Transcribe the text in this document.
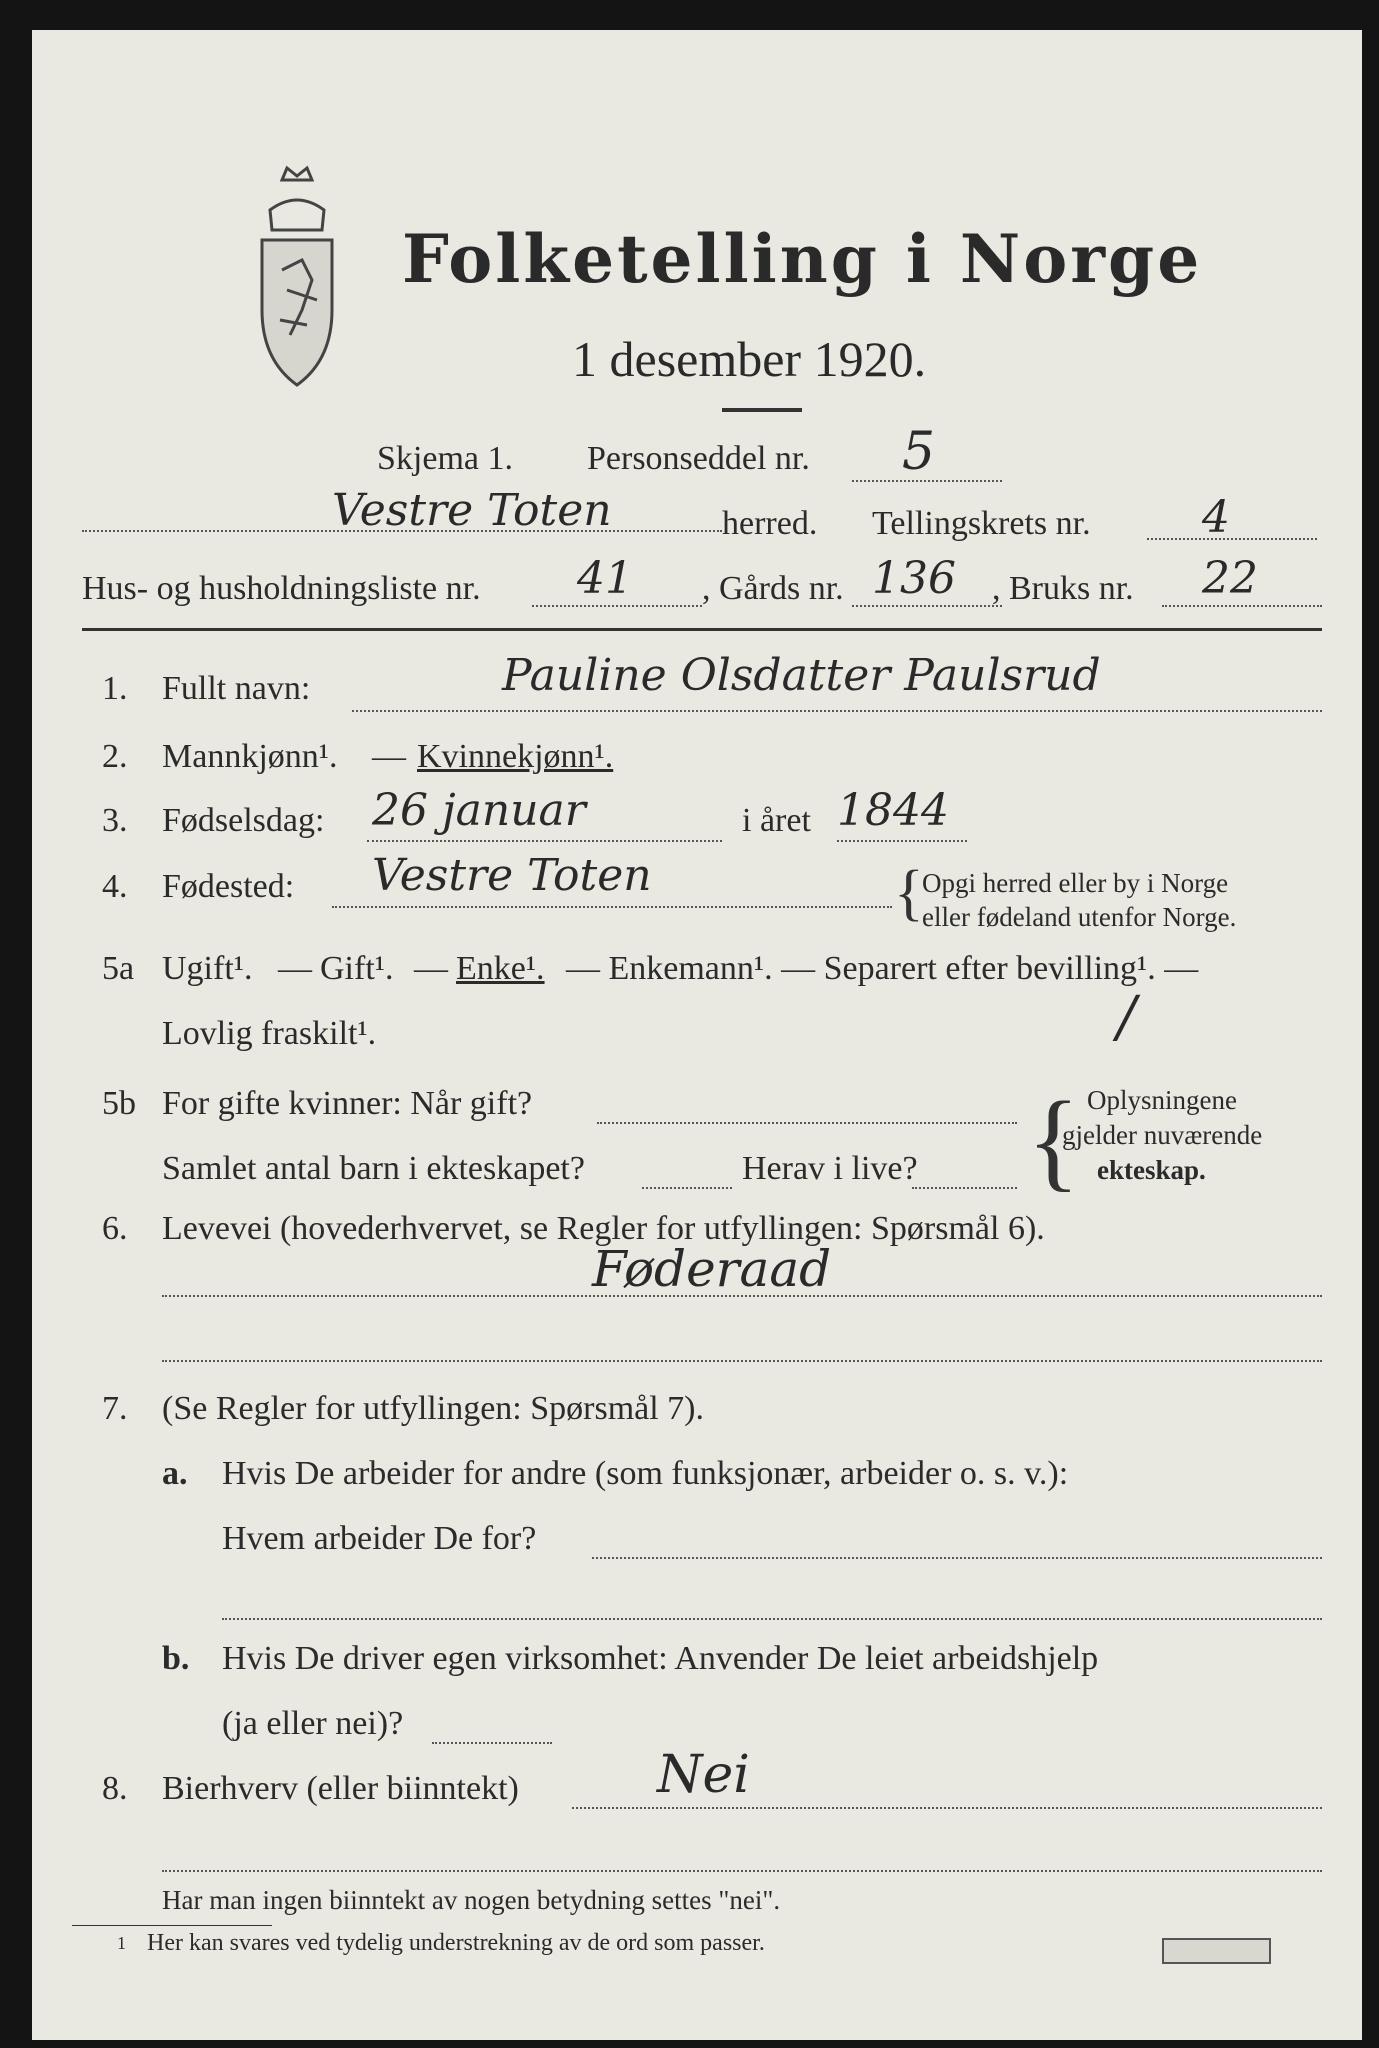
Folketelling i Norge
1 desember 1920.
Skjema 1. Personseddel nr. 5
Vestre Toten	herred. Tellingskrets nr.	4
Hus- og husholdningsliste nr. 41 , Gårds nr. 136 , Bruks nr. 22
1. Fullt navn:	Pauline Olsdatter Paulsrud
2. Mannkjønn¹. — Kvinnekjønn¹.
3. Fødselsdag: 26 januar	i året 1844
4. Fødested: Vestre Toten	{
Opgi herred eller by i Norge
eller fødeland utenfor Norge.
5a Ugift¹. — Gift¹. — Enke¹. — Enkemann¹. — Separert efter bevilling¹. —
Lovlig fraskilt¹.	/
5b For gifte kvinner: Når gift?
Samlet antal barn i ekteskapet?	Herav i live? { Oplysningene
gjelder nuværende
ekteskap.
6. Levevei (hovederhvervet, se Regler for utfyllingen: Spørsmål 6).
Føderaad
7. (Se Regler for utfyllingen: Spørsmål 7).
a. Hvis De arbeider for andre (som funksjonær, arbeider o. s. v.):
Hvem arbeider De for?
b. Hvis De driver egen virksomhet: Anvender De leiet arbeidshjelp
(ja eller nei)?
8. Bierhverv (eller biinntekt)	Nei
Har man ingen biinntekt av nogen betydning settes "nei".
1 Her kan svares ved tydelig understrekning av de ord som passer.
